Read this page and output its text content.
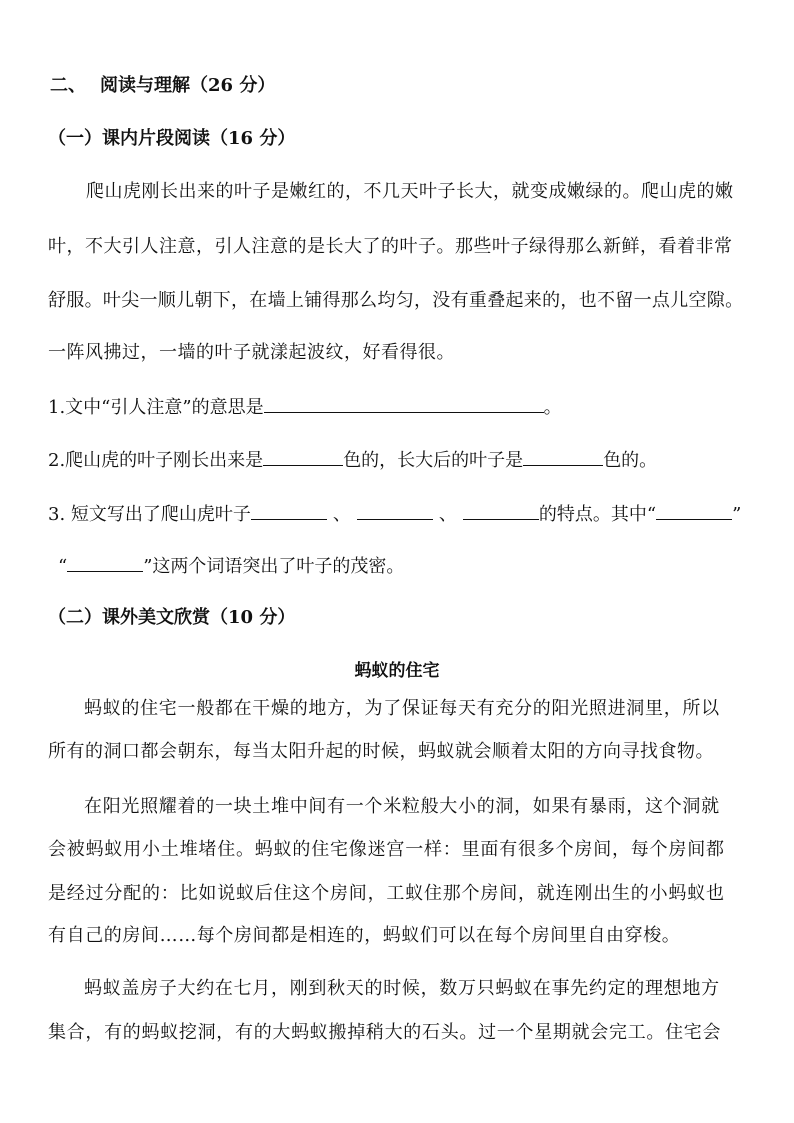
二、 阅读与理解（26 分）
（一）课内片段阅读（16 分）
爬山虎刚长出来的叶子是嫩红的，不几天叶子长大，就变成嫩绿的。爬山虎的嫩
叶，不大引人注意，引人注意的是长大了的叶子。那些叶子绿得那么新鲜，看着非常
舒服。叶尖一顺儿朝下，在墙上铺得那么均匀，没有重叠起来的，也不留一点儿空隙。
一阵风拂过，一墙的叶子就漾起波纹，好看得很。
1.文中“引人注意”的意思是	。
2.爬山虎的叶子刚长出来是	色的，长大后的叶子是	色的。
3. 短文写出了爬山虎叶子	、	、	的特点。其中“	”
“	”这两个词语突出了叶子的茂密。
（二）课外美文欣赏（10 分）
蚂蚁的住宅
蚂蚁的住宅一般都在干燥的地方，为了保证每天有充分的阳光照进洞里，所以
所有的洞口都会朝东，每当太阳升起的时候，蚂蚁就会顺着太阳的方向寻找食物。
在阳光照耀着的一块土堆中间有一个米粒般大小的洞，如果有暴雨，这个洞就
会被蚂蚁用小土堆堵住。蚂蚁的住宅像迷宫一样：里面有很多个房间，每个房间都
是经过分配的：比如说蚁后住这个房间，工蚁住那个房间，就连刚出生的小蚂蚁也
有自己的房间……每个房间都是相连的，蚂蚁们可以在每个房间里自由穿梭。
蚂蚁盖房子大约在七月，刚到秋天的时候，数万只蚂蚁在事先约定的理想地方
集合，有的蚂蚁挖洞，有的大蚂蚁搬掉稍大的石头。过一个星期就会完工。住宅会
